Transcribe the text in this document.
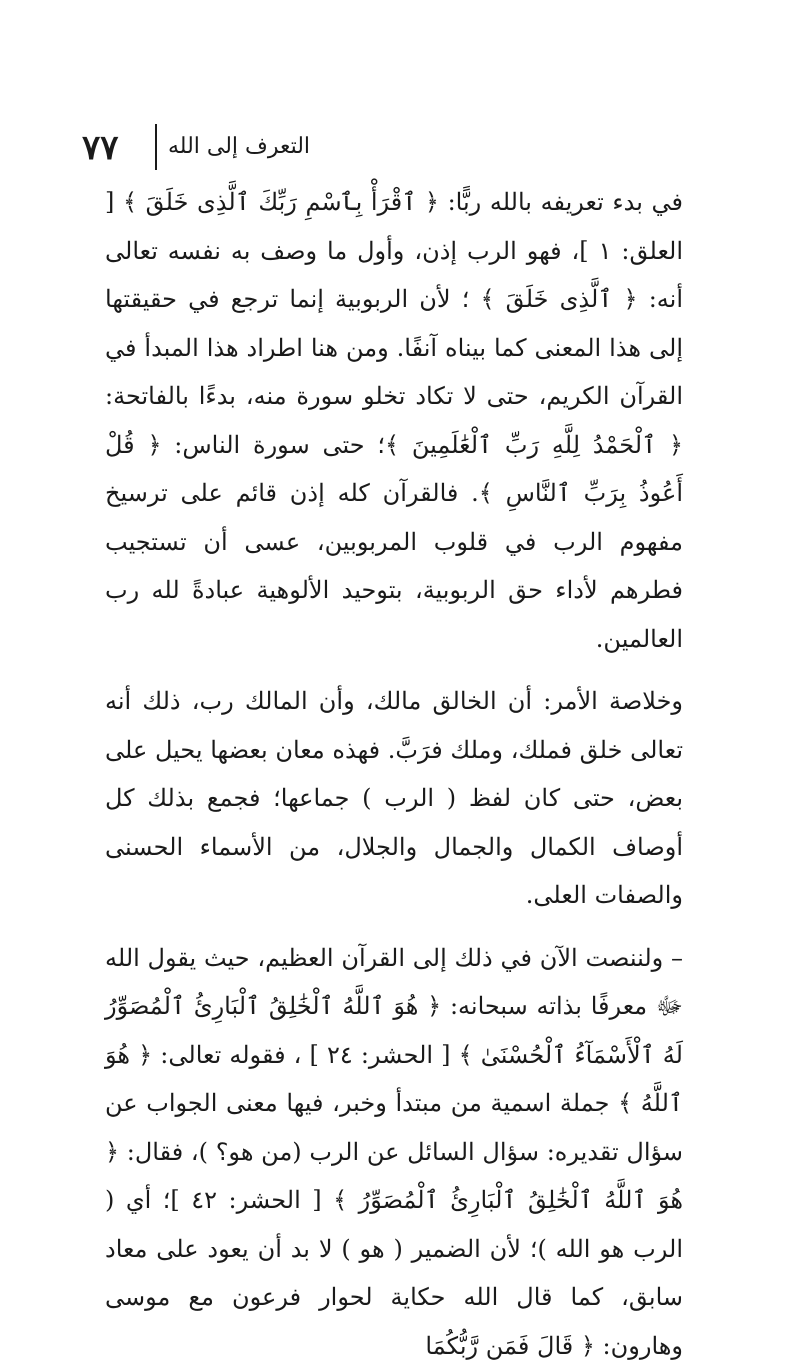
التعرف إلى الله
٧٧

في بدء تعريفه بالله ربًّا: ﴿ ٱقْرَأْ بِٱسْمِ رَبِّكَ ٱلَّذِى خَلَقَ ﴾ [ العلق: ١ ]، فهو الرب إذن، وأول ما وصف به نفسه تعالى أنه: ﴿ ٱلَّذِى خَلَقَ ﴾ ؛ لأن الربوبية إنما ترجع في حقيقتها إلى هذا المعنى كما بيناه آنفًا. ومن هنا اطراد هذا المبدأ في القرآن الكريم، حتى لا تكاد تخلو سورة منه، بدءًا بالفاتحة: ﴿ ٱلْحَمْدُ لِلَّهِ رَبِّ ٱلْعَٰلَمِينَ ﴾؛ حتى سورة الناس: ﴿ قُلْ أَعُوذُ بِرَبِّ ٱلنَّاسِ ﴾. فالقرآن كله إذن قائم على ترسيخ مفهوم الرب في قلوب المربوبين، عسى أن تستجيب فطرهم لأداء حق الربوبية، بتوحيد الألوهية عبادةً لله رب العالمين.

وخلاصة الأمر: أن الخالق مالك، وأن المالك رب، ذلك أنه تعالى خلق فملك، وملك فرَبَّ. فهذه معان بعضها يحيل على بعض، حتى كان لفظ ( الرب ) جماعها؛ فجمع بذلك كل أوصاف الكمال والجمال والجلال، من الأسماء الحسنى والصفات العلى.

– ولننصت الآن في ذلك إلى القرآن العظيم، حيث يقول الله ﷻ معرفًا بذاته سبحانه: ﴿ هُوَ ٱللَّهُ ٱلْخَٰلِقُ ٱلْبَارِئُ ٱلْمُصَوِّرُ لَهُ ٱلْأَسْمَآءُ ٱلْحُسْنَىٰ ﴾ [ الحشر: ٢٤ ] ، فقوله تعالى: ﴿ هُوَ ٱللَّهُ ﴾ جملة اسمية من مبتدأ وخبر، فيها معنى الجواب عن سؤال تقديره: سؤال السائل عن الرب (من هو؟ )، فقال: ﴿ هُوَ ٱللَّهُ ٱلْخَٰلِقُ ٱلْبَارِئُ ٱلْمُصَوِّرُ ﴾ [ الحشر: ٤٢ ]؛ أي ( الرب هو الله )؛ لأن الضمير ( هو ) لا بد أن يعود على معاد سابق، كما قال الله حكاية لحوار فرعون مع موسى وهارون: ﴿ قَالَ فَمَن رَّبُّكُمَا
